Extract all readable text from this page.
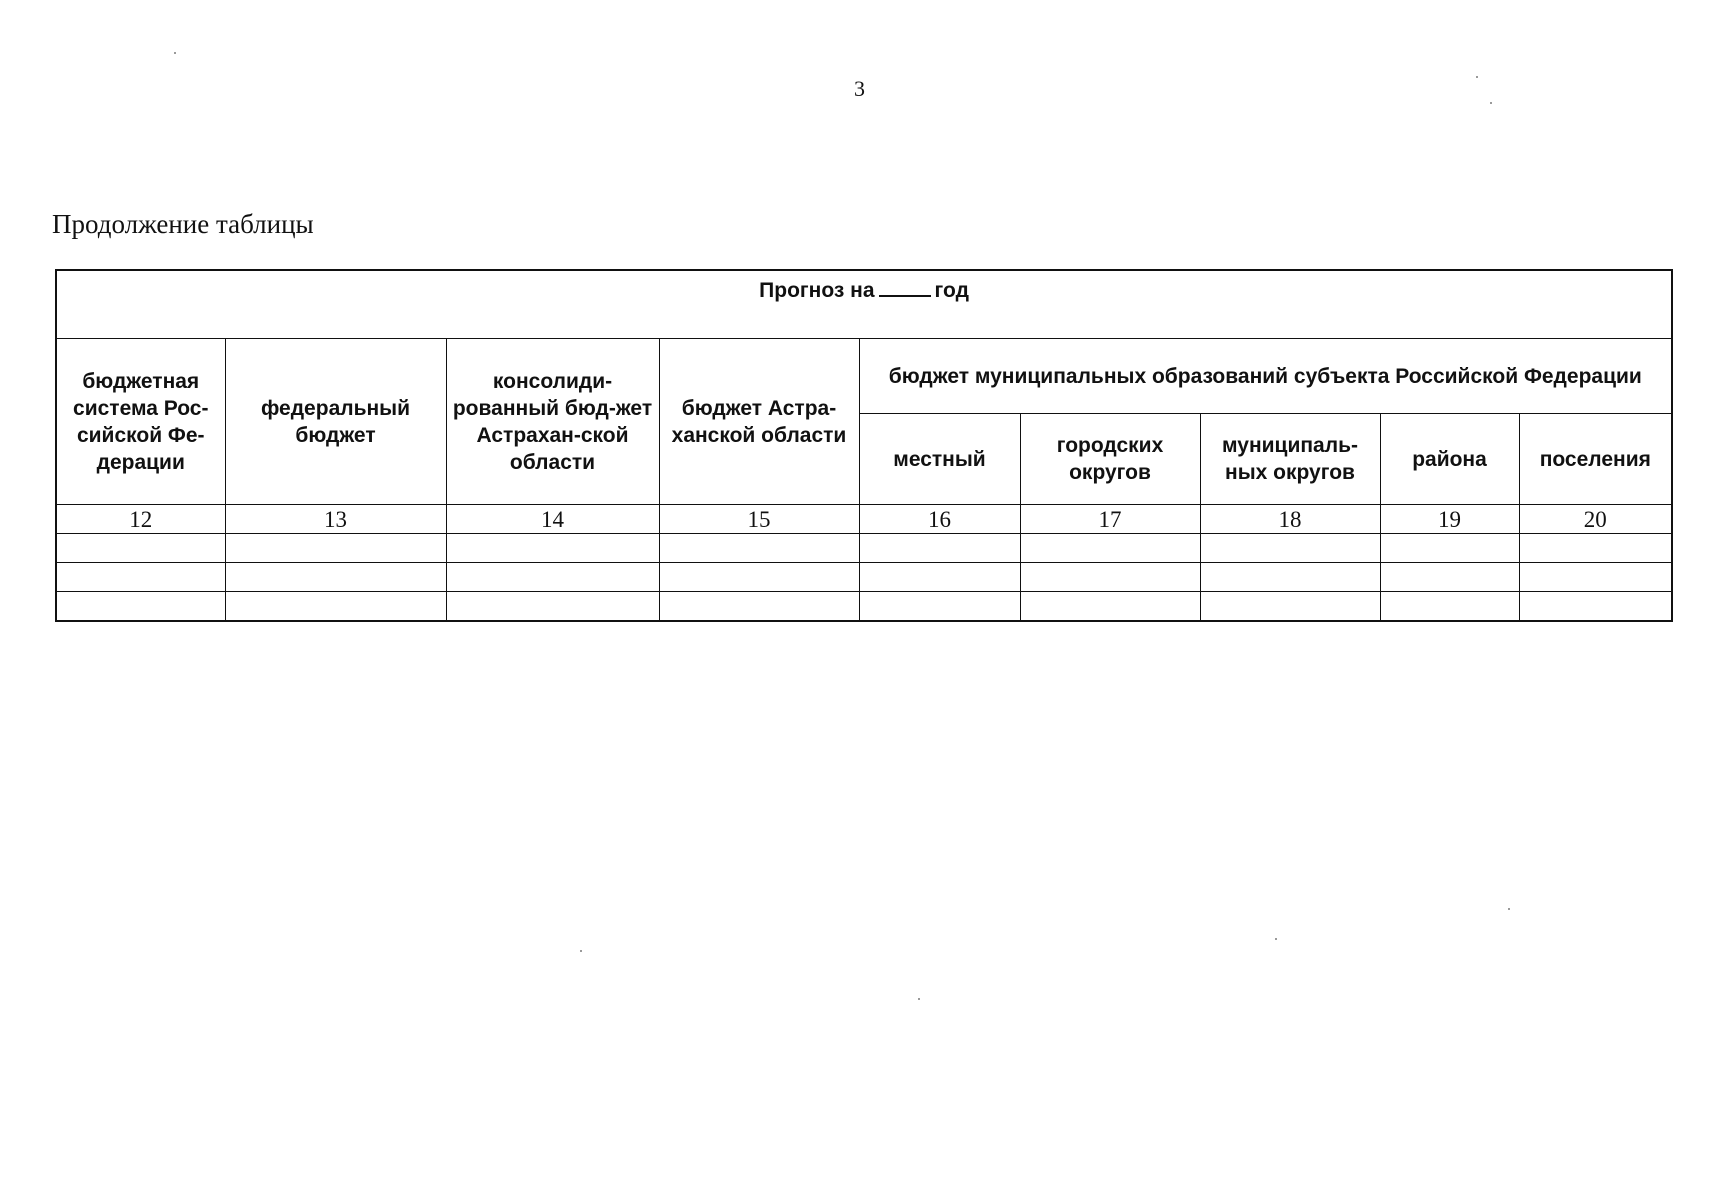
3
Продолжение таблицы
Прогноз на год								
бюджетная система Рос-сийской Фе-дерации	федеральный бюджет	консолиди-рованный бюд-жет Астрахан-ской области	бюджет Астра-ханской области	бюджет муниципальных образований субъекта Российской Федерации				
				местный	городских округов	муниципаль-ных округов	района	поселения
12	13	14	15	16	17	18	19	20
